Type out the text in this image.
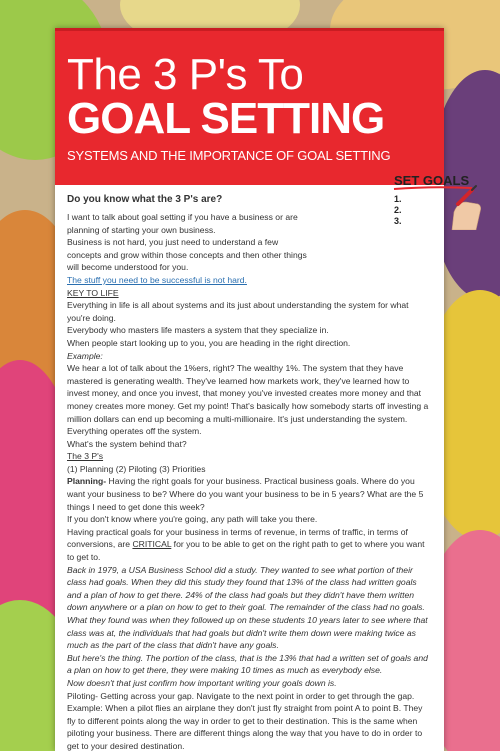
The 3 P's To
GOAL SETTING
SYSTEMS AND THE IMPORTANCE OF GOAL SETTING

Do you know what the 3 P's are?

I want to talk about goal setting if you have a business or are planning of starting your own business.

Business is not hard, you just need to understand a few concepts and grow within those concepts and then other things will become understood for you.

The stuff you need to be successful is not hard.

KEY TO LIFE

Everything in life is all about systems and its just about understanding the system for what you're doing.

Everybody who masters life masters a system that they specialize in.

When people start looking up to you, you are heading in the right direction.

Example:

We hear a lot of talk about the 1%ers, right? The wealthy 1%. The system that they have mastered is generating wealth. They've learned how markets work, they've learned how to invest money, and once you invest, that money you've invested creates more money and that money creates more money. Get my point! That's basically how somebody starts off investing a million dollars can end up becoming a multi-millionaire. It's just understanding the system. Everything operates off the system.

What's the system behind that?

The 3 P's

(1) Planning (2) Piloting (3) Priorities

Planning- Having the right goals for your business. Practical business goals. Where do you want your business to be? Where do you want your business to be in 5 years? What are the 5 things I need to get done this week?

If you don't know where you're going, any path will take you there.

Having practical goals for your business in terms of revenue, in terms of traffic, in terms of conversions, are CRITICAL for you to be able to get on the right path to get to where you want to get to.

Back in 1979, a USA Business School did a study. They wanted to see what portion of their class had goals. When they did this study they found that 13% of the class had written goals and a plan of how to get there. 24% of the class had goals but they didn't have them written down anywhere or a plan on how to get to their goal. The remainder of the class had no goals.

What they found was when they followed up on these students 10 years later to see where that class was at, the individuals that had goals but didn't write them down were making twice as much as the part of the class that didn't have any goals.

But here's the thing. The portion of the class, that is the 13% that had a written set of goals and a plan on how to get there, they were making 10 times as much as everybody else.

Now doesn't that just confirm how important writing your goals down is.

Piloting- Getting across your gap. Navigate to the next point in order to get through the gap.

Example: When a pilot flies an airplane they don't just fly straight from point A to point B. They fly to different points along the way in order to get to their destination. This is the same when piloting your business. There are different things along the way that you have to do in order to get to your desired destination.

SET GOALS
1.
2.
3.
